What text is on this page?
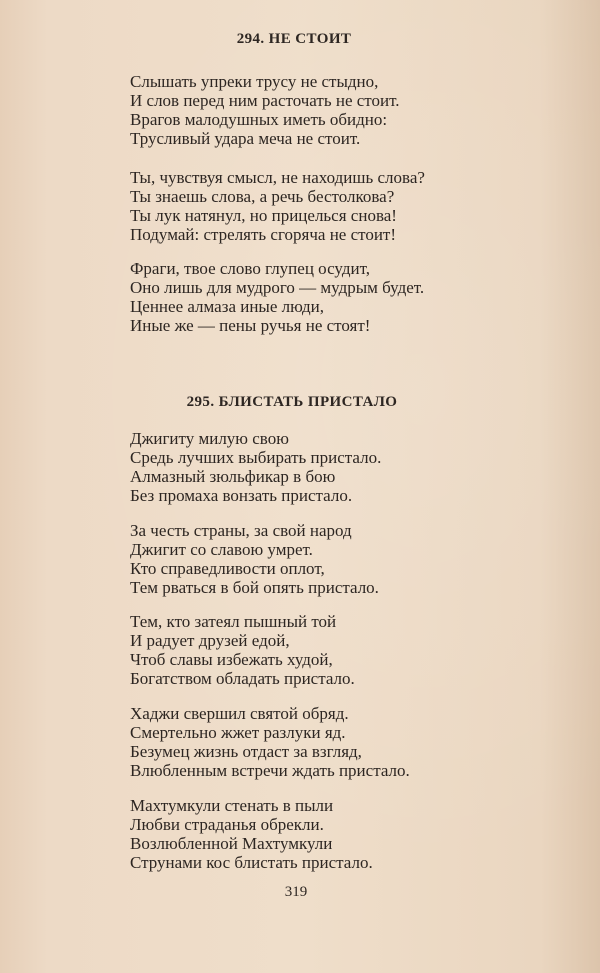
294. НЕ СТОИТ
Слышать упреки трусу не стыдно,
И слов перед ним расточать не стоит.
Врагов малодушных иметь обидно:
Трусливый удара меча не стоит.
Ты, чувствуя смысл, не находишь слова?
Ты знаешь слова, а речь бестолкова?
Ты лук натянул, но прицелься снова!
Подумай: стрелять сгоряча не стоит!
Фраги, твое слово глупец осудит,
Оно лишь для мудрого — мудрым будет.
Ценнее алмаза иные люди,
Иные же — пены ручья не стоят!
295. БЛИСТАТЬ ПРИСТАЛО
Джигиту милую свою
Средь лучших выбирать пристало.
Алмазный зюльфикар в бою
Без промаха вонзать пристало.
За честь страны, за свой народ
Джигит со славою умрет.
Кто справедливости оплот,
Тем рваться в бой опять пристало.
Тем, кто затеял пышный той
И радует друзей едой,
Чтоб славы избежать худой,
Богатством обладать пристало.
Хаджи свершил святой обряд.
Смертельно жжет разлуки яд.
Безумец жизнь отдаст за взгляд,
Влюбленным встречи ждать пристало.
Махтумкули стенать в пыли
Любви страданья обрекли.
Возлюбленной Махтумкули
Струнами кос блистать пристало.
319
